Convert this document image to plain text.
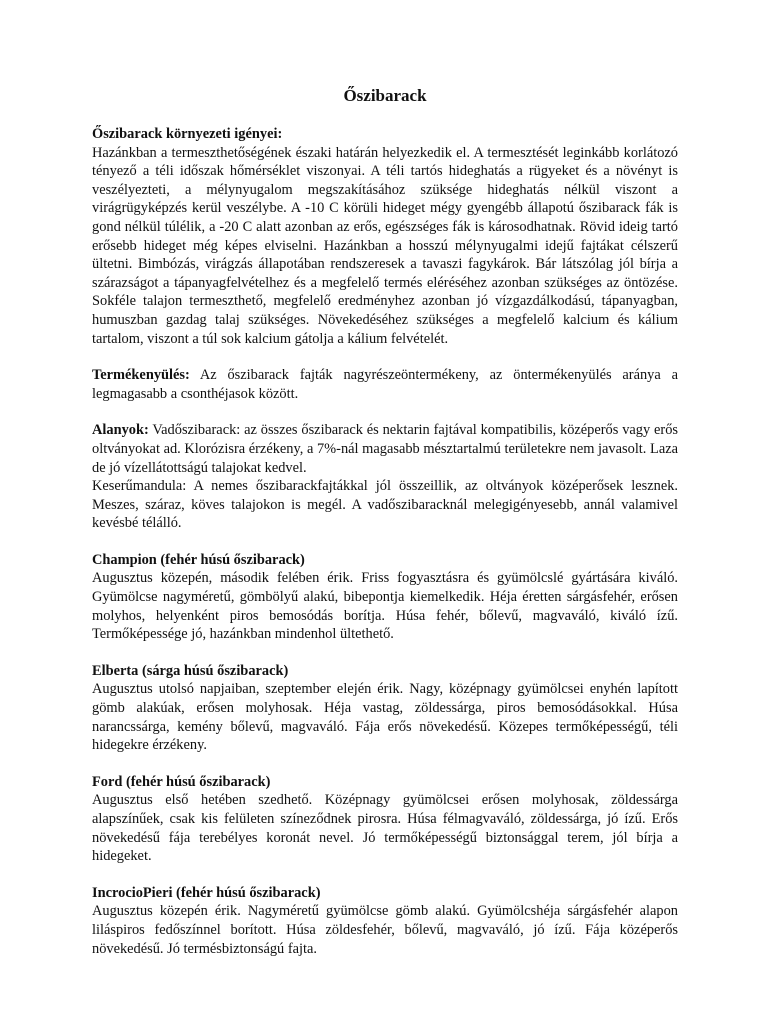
Őszibarack
Őszibarack környezeti igényei:

Hazánkban a termeszthetőségének északi határán helyezkedik el. A termesztését leginkább korlátozó tényező a téli időszak hőmérséklet viszonyai. A téli tartós hideghatás a rügyeket és a növényt is veszélyezteti, a mélynyugalom megszakításához szüksége hideghatás nélkül viszont a virágrügyképzés kerül veszélybe. A -10 C körüli hideget mégy gyengébb állapotú őszibarack fák is gond nélkül túlélik, a -20 C alatt azonban az erős, egészséges fák is károsodhatnak. Rövid ideig tartó erősebb hideget még képes elviselni. Hazánkban a hosszú mélynyugalmi idejű fajtákat célszerű ültetni. Bimbózás, virágzás állapotában rendszeresek a tavaszi fagykárok. Bár látszólag jól bírja a szárazságot a tápanyagfelvételhez és a megfelelő termés eléréséhez azonban szükséges az öntözése. Sokféle talajon termeszthető, megfelelő eredményhez azonban jó vízgazdálkodású, tápanyagban, humuszban gazdag talaj szükséges. Növekedéséhez szükséges a megfelelő kalcium és kálium tartalom, viszont a túl sok kalcium gátolja a kálium felvételét.

Termékenyülés: Az őszibarack fajták nagyrészeöntermékeny, az öntermékenyülés aránya a legmagasabb a csonthéjasok között.

Alanyok: Vadőszibarack: az összes őszibarack és nektarin fajtával kompatibilis, középerős vagy erős oltványokat ad. Klorózisra érzékeny, a 7%-nál magasabb mésztartalmú területekre nem javasolt. Laza de jó vízellátottságú talajokat kedvel.

Keserűmandula: A nemes őszibarackfajtákkal jól összeillik, az oltványok középerősek lesznek. Meszes, száraz, köves talajokon is megél. A vadőszibaracknál melegigényesebb, annál valamivel kevésbé télálló.

Champion (fehér húsú őszibarack)

Augusztus közepén, második felében érik. Friss fogyasztásra és gyümölcslé gyártására kiváló. Gyümölcse nagyméretű, gömbölyű alakú, bibepontja kiemelkedik. Héja éretten sárgásfehér, erősen molyhos, helyenként piros bemosódás borítja. Húsa fehér, bőlevű, magvaváló, kiváló ízű. Termőképessége jó, hazánkban mindenhol ültethető.

Elberta (sárga húsú őszibarack)

Augusztus utolsó napjaiban, szeptember elején érik. Nagy, középnagy gyümölcsei enyhén lapított gömb alakúak, erősen molyhosak. Héja vastag, zöldessárga, piros bemosódásokkal. Húsa narancssárga, kemény bőlevű, magvaváló. Fája erős növekedésű. Közepes termőképességű, téli hidegekre érzékeny.

Ford (fehér húsú őszibarack)

Augusztus első hetében szedhető. Középnagy gyümölcsei erősen molyhosak, zöldessárga alapszínűek, csak kis felületen színeződnek pirosra. Húsa félmagvaváló, zöldessárga, jó ízű. Erős növekedésű fája terebélyes koronát nevel. Jó termőképességű biztonsággal terem, jól bírja a hidegeket.

IncrocioPieri (fehér húsú őszibarack)

Augusztus közepén érik. Nagyméretű gyümölcse gömb alakú. Gyümölcshéja sárgásfehér alapon liláspiros fedőszínnel borított. Húsa zöldesfehér, bőlevű, magvaváló, jó ízű. Fája középerős növekedésű. Jó termésbiztonságú fajta.
